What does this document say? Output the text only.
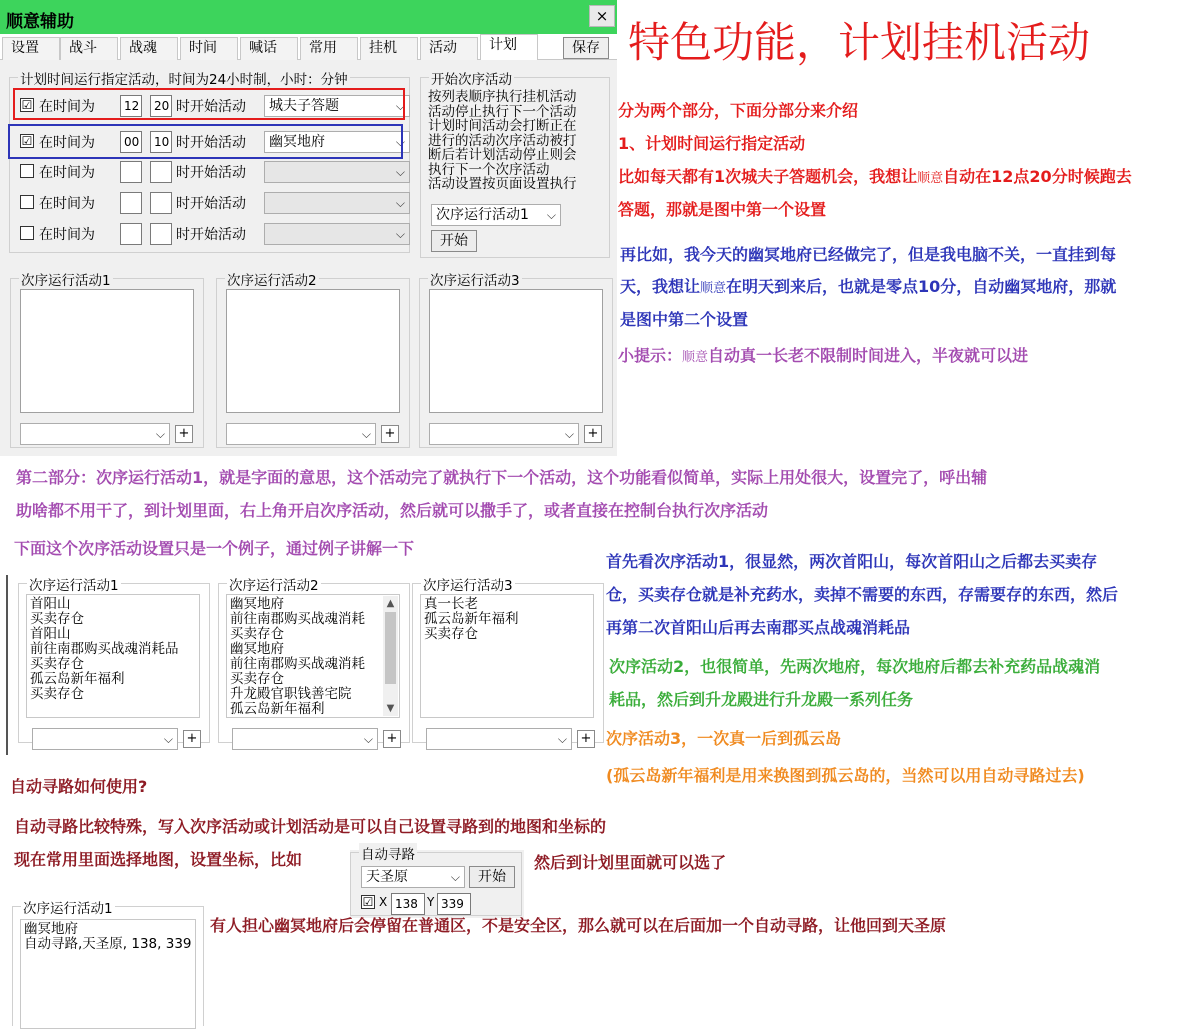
顺意辅助	×
设置	战斗	战魂	时间	喊话	常用	挂机	活动	计划	保存
计划时间运行指定活动，时间为24小时制，小时：分钟
☑ 在时间为	12	20 时开始活动	城夫子答题	⌵
☑ 在时间为	00	10 时开始活动	幽冥地府	⌵
在时间为	时开始活动	⌵
在时间为	时开始活动	⌵
在时间为	时开始活动	⌵
开始次序活动
按列表顺序执行挂机活动
活动停止执行下一个活动
计划时间活动会打断正在
进行的活动次序活动被打
断后若计划活动停止则会
执行下一个次序活动
活动设置按页面设置执行
次序运行活动1 ⌵
开始
次序运行活动1
⌵ +
次序运行活动2
⌵ +
次序运行活动3
⌵ +
特色功能，计划挂机活动
分为两个部分，下面分部分来介绍
1、计划时间运行指定活动
比如每天都有1次城夫子答题机会，我想让顺意自动在12点20分时候跑去
答题，那就是图中第一个设置
再比如，我今天的幽冥地府已经做完了，但是我电脑不关，一直挂到每
天，我想让顺意在明天到来后，也就是零点10分，自动幽冥地府，那就
是图中第二个设置
小提示：顺意自动真一长老不限制时间进入，半夜就可以进
第二部分：次序运行活动1，就是字面的意思，这个活动完了就执行下一个活动，这个功能看似简单，实际上用处很大，设置完了，呼出辅
助啥都不用干了，到计划里面，右上角开启次序活动，然后就可以撒手了，或者直接在控制台执行次序活动
下面这个次序活动设置只是一个例子，通过例子讲解一下
次序运行活动1
首阳山
买卖存仓
首阳山
前往南郡购买战魂消耗品
买卖存仓
孤云岛新年福利
买卖存仓
⌵ +
次序运行活动2
幽冥地府
前往南郡购买战魂消耗
买卖存仓
幽冥地府
前往南郡购买战魂消耗
买卖存仓
升龙殿官职钱善宅院
孤云岛新年福利
▲
▼
⌵ +
次序运行活动3
真一长老
孤云岛新年福利
买卖存仓
⌵ +
首先看次序活动1，很显然，两次首阳山，每次首阳山之后都去买卖存
仓，买卖存仓就是补充药水，卖掉不需要的东西，存需要存的东西，然后
再第二次首阳山后再去南郡买点战魂消耗品
次序活动2，也很简单，先两次地府，每次地府后都去补充药品战魂消
耗品，然后到升龙殿进行升龙殿一系列任务
次序活动3，一次真一后到孤云岛
(孤云岛新年福利是用来换图到孤云岛的，当然可以用自动寻路过去)
自动寻路如何使用?
自动寻路比较特殊，写入次序活动或计划活动是可以自己设置寻路到的地图和坐标的
现在常用里面选择地图，设置坐标，比如	然后到计划里面就可以选了
自动寻路
天圣原	⌵	开始
☑ X 138 Y 339
次序运行活动1
幽冥地府
自动寻路,天圣原, 138, 339
有人担心幽冥地府后会停留在普通区，不是安全区，那么就可以在后面加一个自动寻路，让他回到天圣原
